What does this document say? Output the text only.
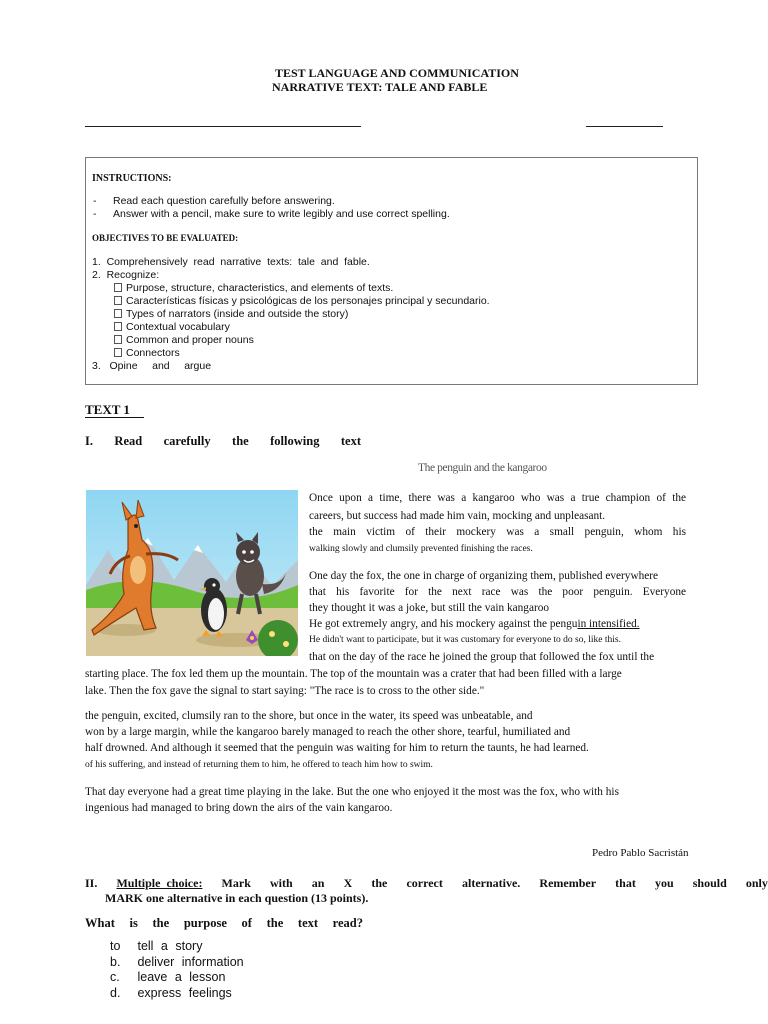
TEST LANGUAGE AND COMMUNICATION
NARRATIVE TEXT: TALE AND FABLE
INSTRUCTIONS:
- Read each question carefully before answering.
- Answer with a pencil, make sure to write legibly and use correct spelling.
OBJECTIVES TO BE EVALUATED:
1.  Comprehensively  read  narrative  texts:  tale  and  fable.
2.  Recognize:
Purpose, structure, characteristics, and elements of texts.
Características físicas y psicológicas de los personajes principal y secundario.
Types of narrators (inside and outside the story)
Contextual vocabulary
Common and proper nouns
Connectors
3.   Opine     and     argue
TEXT 1
I.     Read     carefully     the     following     text
The penguin and the kangaroo
Once upon a time, there was a kangaroo who was a true champion of the
careers, but success had made him vain, mocking and unpleasant.
the main victim of their mockery was a small penguin, whom his
walking slowly and clumsily prevented finishing the races.
One day the fox, the one in charge of organizing them, published everywhere
that his favorite for the next race was the poor penguin. Everyone
they thought it was a joke, but still the vain kangaroo
He got extremely angry, and his mockery against the penguin intensified.
He didn't want to participate, but it was customary for everyone to do so, like this.
that on the day of the race he joined the group that followed the fox until the
starting place. The fox led them up the mountain. The top of the mountain was a crater that had been filled with a large
lake. Then the fox gave the signal to start saying: "The race is to cross to the other side."
the penguin, excited, clumsily ran to the shore, but once in the water, its speed was unbeatable, and
won by a large margin, while the kangaroo barely managed to reach the other shore, tearful, humiliated and
half drowned. And although it seemed that the penguin was waiting for him to return the taunts, he had learned.
of his suffering, and instead of returning them to him, he offered to teach him how to swim.
That day everyone had a great time playing in the lake. But the one who enjoyed it the most was the fox, who with his
ingenious had managed to bring down the airs of the vain kangaroo.
Pedro Pablo Sacristán
II. Multiple  choice: Mark with an X the correct alternative. Remember that you should only
MARK one alternative in each question (13 points).
What   is   the   purpose   of   the   text   read?
to tell a story
b. deliver information
c. leave a lesson
d. express feelings
